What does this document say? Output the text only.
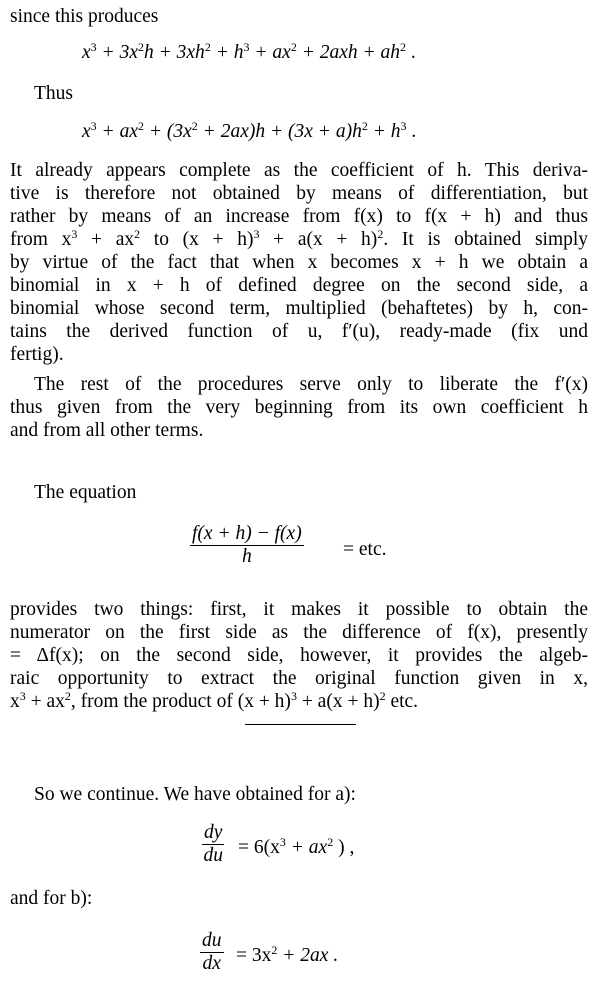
since this produces
$x^3 + 3x^2h + 3xh^2 + h^3 + ax^2 + 2axh + ah^2$ .
Thus
$x^3 + ax^2 + (3x^2 + 2ax)h + (3x + a)h^2 + h^3$ .
It already appears complete as the coefficient of h. This deriva-
tive is therefore not obtained by means of differentiation, but
rather by means of an increase from f(x) to f(x + h) and thus
from $x^3 + ax^2$ to $(x + h)^3 + a(x + h)^2$. It is obtained simply
by virtue of the fact that when x becomes x + h we obtain a
binomial in x + h of defined degree on the second side, a
binomial whose second term, multiplied (behaftetes) by h, con-
tains the derived function of u, f′(u), ready-made (fix und
fertig).
The rest of the procedures serve only to liberate the f′(x)
thus given from the very beginning from its own coefficient h
and from all other terms.
The equation
$\frac{f(x + h) - f(x)}{h}$ = etc.
provides two things: first, it makes it possible to obtain the
numerator on the first side as the difference of f(x), presently
= Δf(x); on the second side, however, it provides the algeb-
raic opportunity to extract the original function given in x,
$x^3 + ax^2$, from the product of $(x + h)^3 + a(x + h)^2$ etc.
So we continue. We have obtained for a):
$\frac{dy}{du} = 6(x^3 + ax^2$ ) ,
and for b):
$\frac{du}{dx} = 3x^2 + 2ax$ .
